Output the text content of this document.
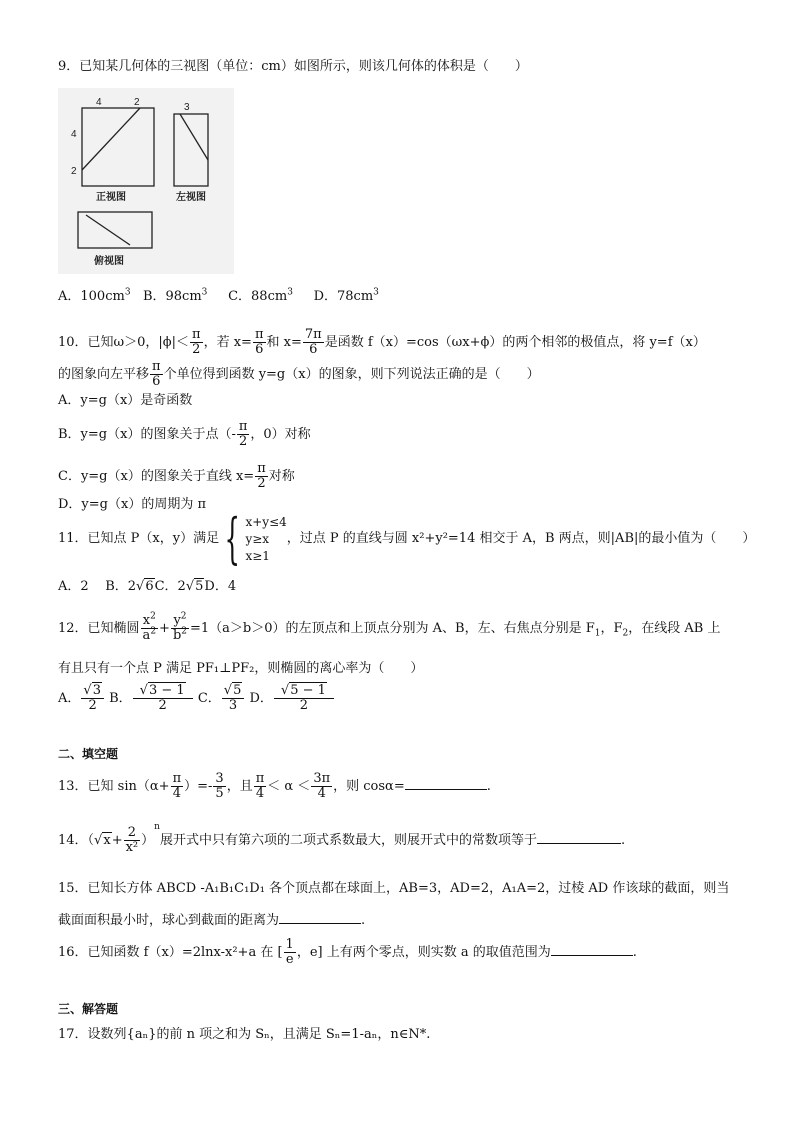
9．已知某几何体的三视图（单位：cm）如图所示，则该几何体的体积是（　　）
4	2
4
2
3
正视图	左视图
俯视图
A．$100cm^3$ B．$98cm^3$ C．$88cm^3$ D．$78cm^3$
10．已知ω＞0，$|\phi|< \frac{\pi}{2}$ ，若 $x= \frac{\pi}{6}$ 和 $x= \frac{7\pi}{6}$ 是函数 f（x）=cos（ωx+ϕ）的两个相邻的极值点，将 y=f（x）
的图象向左平移 $\frac{\pi}{6}$ 个单位得到函数 y=g（x）的图象，则下列说法正确的是（　　）
A．y=g（x）是奇函数
B．y=g（x）的图象关于点（- $\frac{\pi}{2}$ ，0）对称
C．y=g（x）的图象关于直线 $x= \frac{\pi}{2}$ 对称
D．y=g（x）的周期为 π
11．已知点 P（x，y）满足 { x+y≤4
y≥x
x≥1
，过点 P 的直线与圆 x²+y²=14 相交于 A，B 两点，则|AB|的最小值为（　　）
A．2 B．2√6C．2√5D．4
12．已知椭圆 $\frac{x^2}{a^2} + \frac{y^2}{b^2} =1(a>b>0)$的左顶点和上顶点分别为 A、B，左、右焦点分别是 $F_1$，$F_2$，在线段 AB 上
有且只有一个点 P 满足 PF₁⊥PF₂，则椭圆的离心率为（　　）
A． $\frac{√3}{2}$ B． $\frac{√3 - 1}{2}$ C． $\frac{√5}{3}$ D． $\frac{√5 - 1}{2}$
二、填空题
13．已知 $\sin(\alpha+ \frac{\pi}{4}$ ）=- $\frac{3}{5}$ ，且 $\frac{\pi}{4} < \alpha < \frac{3\pi}{4}$ ，则 cosα=	.
14．$(√x+ \frac{2}{\text{x²}} )^n$展开式中只有第六项的二项式系数最大，则展开式中的常数项等于	.
15．已知长方体 ABCD -A₁B₁C₁D₁ 各个顶点都在球面上，AB=3，AD=2，A₁A=2，过棱 AD 作该球的截面，则当
截面面积最小时，球心到截面的距离为	.
16．已知函数 f（x）=2lnx-x²+a 在 [ $\frac{1}{e}$ ，e] 上有两个零点，则实数 a 的取值范围为	.
三、解答题
17．设数列{aₙ}的前 n 项之和为 Sₙ，且满足 Sₙ=1-aₙ，n∈N*.
